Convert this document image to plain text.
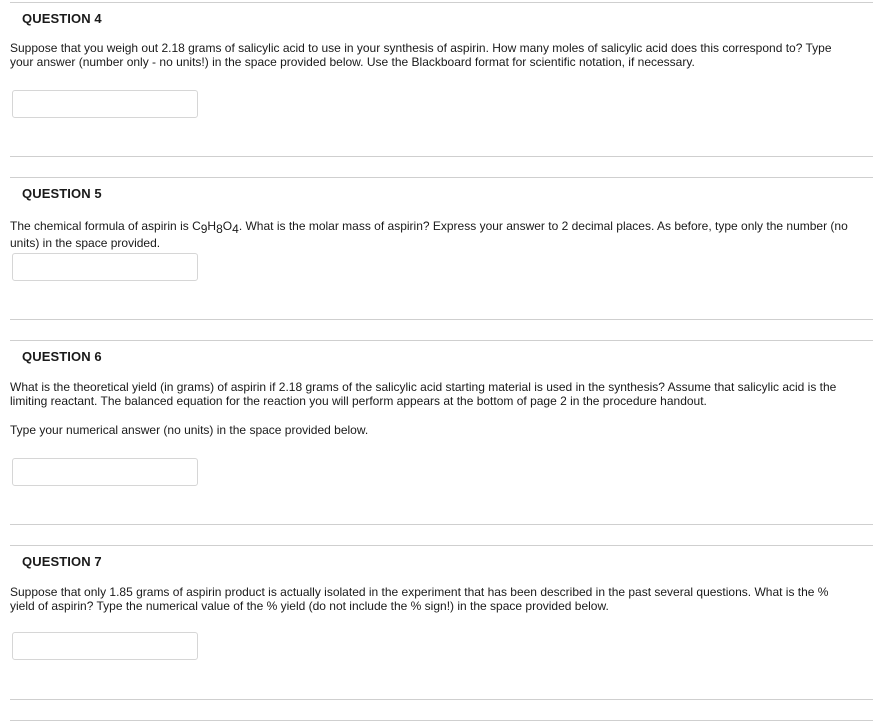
QUESTION 4

Suppose that you weigh out 2.18 grams of salicylic acid to use in your synthesis of aspirin. How many moles of salicylic acid does this correspond to? Type your answer (number only - no units!) in the space provided below. Use the Blackboard format for scientific notation, if necessary.

QUESTION 5

The chemical formula of aspirin is $C_9H_8O_4$. What is the molar mass of aspirin? Express your answer to 2 decimal places. As before, type only the number (no units) in the space provided.

QUESTION 6

What is the theoretical yield (in grams) of aspirin if 2.18 grams of the salicylic acid starting material is used in the synthesis? Assume that salicylic acid is the limiting reactant. The balanced equation for the reaction you will perform appears at the bottom of page 2 in the procedure handout.

Type your numerical answer (no units) in the space provided below.

QUESTION 7

Suppose that only 1.85 grams of aspirin product is actually isolated in the experiment that has been described in the past several questions. What is the % yield of aspirin? Type the numerical value of the % yield (do not include the % sign!) in the space provided below.
